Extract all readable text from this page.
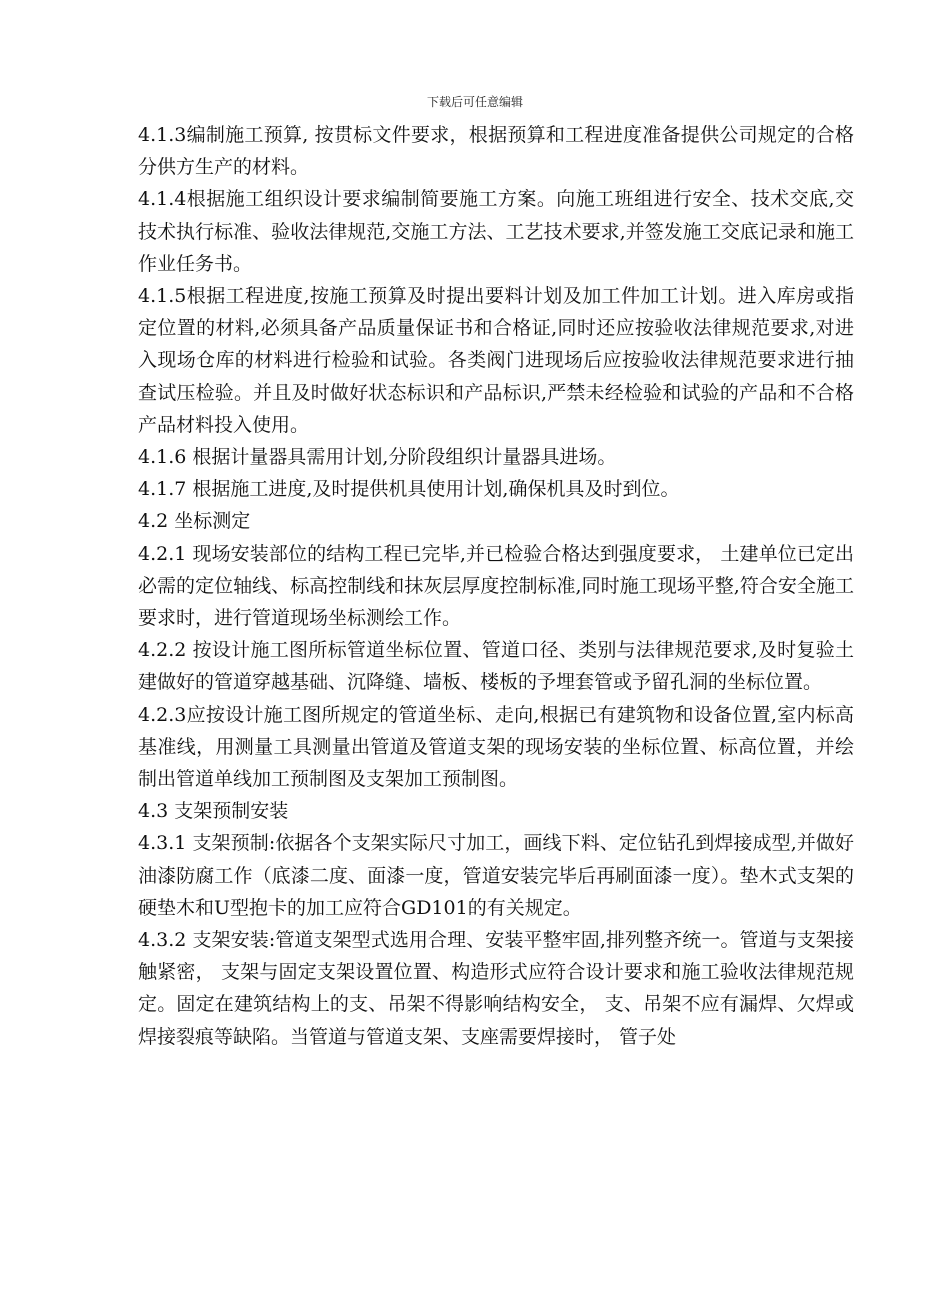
下载后可任意编辑

4.1.3编制施工预算, 按贯标文件要求，根据预算和工程进度准备提供公司规定的合格分供方生产的材料。

4.1.4根据施工组织设计要求编制简要施工方案。向施工班组进行安全、技术交底,交技术执行标准、验收法律规范,交施工方法、工艺技术要求,并签发施工交底记录和施工作业任务书。

4.1.5根据工程进度,按施工预算及时提出要料计划及加工件加工计划。进入库房或指定位置的材料,必须具备产品质量保证书和合格证,同时还应按验收法律规范要求,对进入现场仓库的材料进行检验和试验。各类阀门进现场后应按验收法律规范要求进行抽查试压检验。并且及时做好状态标识和产品标识,严禁未经检验和试验的产品和不合格产品材料投入使用。

4.1.6 根据计量器具需用计划,分阶段组织计量器具进场。

4.1.7 根据施工进度,及时提供机具使用计划,确保机具及时到位。

4.2 坐标测定

4.2.1 现场安装部位的结构工程已完毕,并已检验合格达到强度要求， 土建单位已定出必需的定位轴线、标高控制线和抹灰层厚度控制标准,同时施工现场平整,符合安全施工要求时，进行管道现场坐标测绘工作。

4.2.2 按设计施工图所标管道坐标位置、管道口径、类别与法律规范要求,及时复验土建做好的管道穿越基础、沉降缝、墙板、楼板的予埋套管或予留孔洞的坐标位置。

4.2.3应按设计施工图所规定的管道坐标、走向,根据已有建筑物和设备位置,室内标高基准线，用测量工具测量出管道及管道支架的现场安装的坐标位置、标高位置，并绘制出管道单线加工预制图及支架加工预制图。

4.3 支架预制安装

4.3.1 支架预制:依据各个支架实际尺寸加工，画线下料、定位钻孔到焊接成型,并做好油漆防腐工作（底漆二度、面漆一度，管道安装完毕后再刷面漆一度）。垫木式支架的硬垫木和U型抱卡的加工应符合GD101的有关规定。

4.3.2 支架安装:管道支架型式选用合理、安装平整牢固,排列整齐统一。管道与支架接触紧密， 支架与固定支架设置位置、构造形式应符合设计要求和施工验收法律规范规定。固定在建筑结构上的支、吊架不得影响结构安全， 支、吊架不应有漏焊、欠焊或焊接裂痕等缺陷。当管道与管道支架、支座需要焊接时， 管子处
